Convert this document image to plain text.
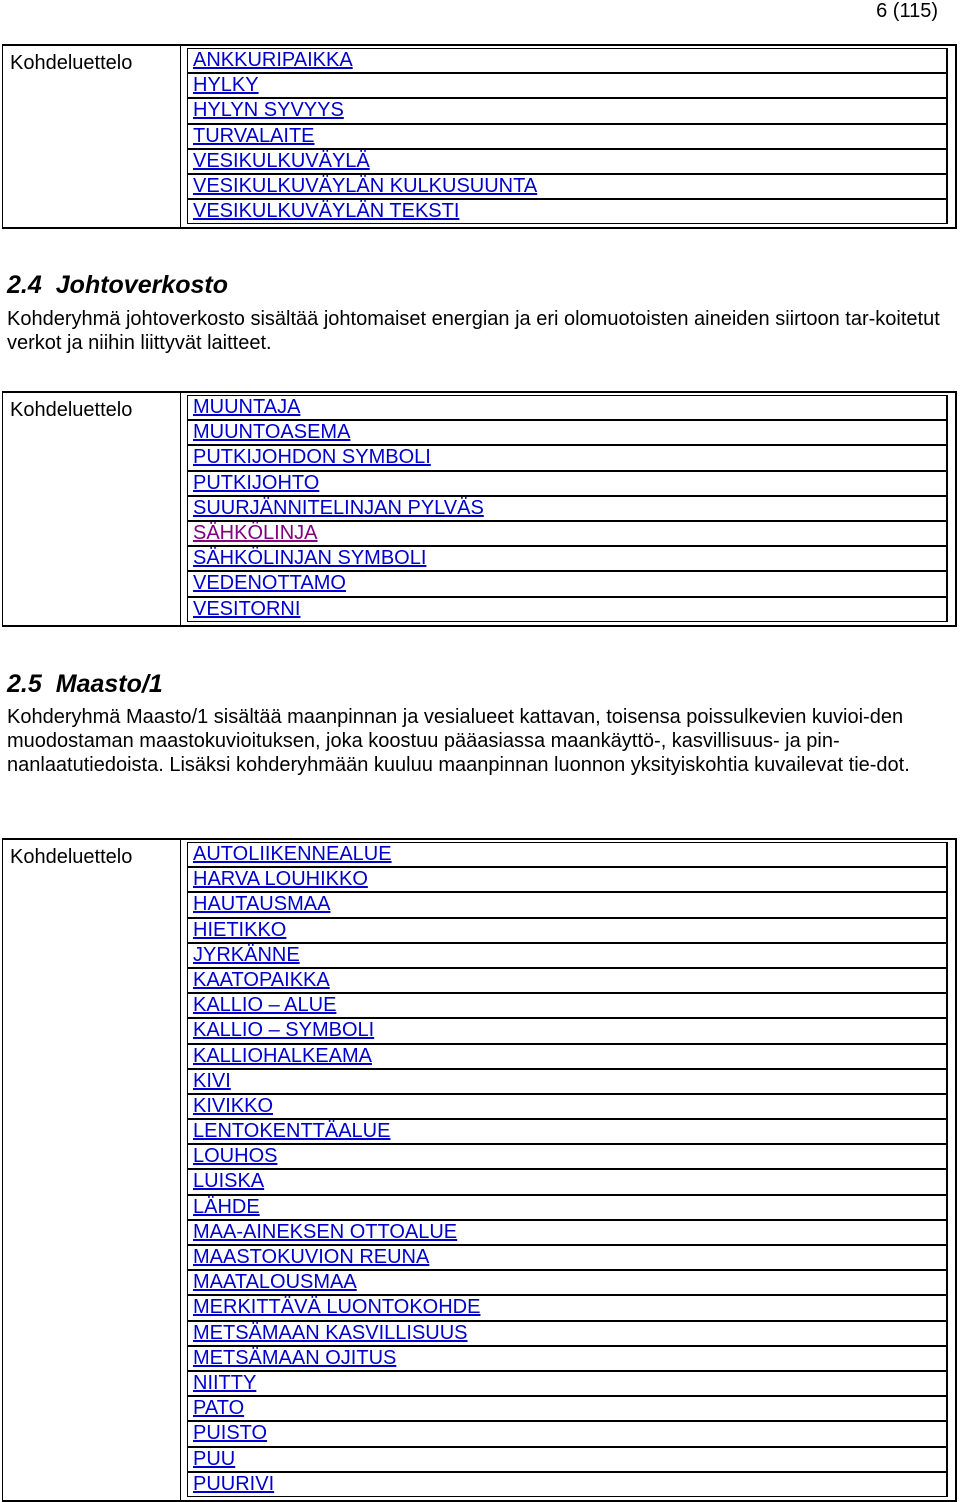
6 (115)
Kohdeluettelo	ANKKURIPAIKKA
HYLKY
HYLYN SYVYYS
TURVALAITE
VESIKULKUVÄYLÄ
VESIKULKUVÄYLÄN KULKUSUUNTA
VESIKULKUVÄYLÄN TEKSTI
2.4 Johtoverkosto

Kohderyhmä johtoverkosto sisältää johtomaiset energian ja eri olomuotoisten aineiden siirtoon tar-koitetut verkot ja niihin liittyvät laitteet.

Kohdeluettelo	MUUNTAJA
MUUNTOASEMA
PUTKIJOHDON SYMBOLI
PUTKIJOHTO
SUURJÄNNITELINJAN PYLVÄS
SÄHKÖLINJA
SÄHKÖLINJAN SYMBOLI
VEDENOTTAMO
VESITORNI
2.5 Maasto/1

Kohderyhmä Maasto/1 sisältää maanpinnan ja vesialueet kattavan, toisensa poissulkevien kuvioi-den muodostaman maastokuvioituksen, joka koostuu pääasiassa maankäyttö-, kasvillisuus- ja pin-nanlaatutiedoista. Lisäksi kohderyhmään kuuluu maanpinnan luonnon yksityiskohtia kuvailevat tie-dot.

Kohdeluettelo	AUTOLIIKENNEALUE
HARVA LOUHIKKO
HAUTAUSMAA
HIETIKKO
JYRKÄNNE
KAATOPAIKKA
KALLIO – ALUE
KALLIO – SYMBOLI
KALLIOHALKEAMA
KIVI
KIVIKKO
LENTOKENTTÄALUE
LOUHOS
LUISKA
LÄHDE
MAA-AINEKSEN OTTOALUE
MAASTOKUVION REUNA
MAATALOUSMAA
MERKITTÄVÄ LUONTOKOHDE
METSÄMAAN KASVILLISUUS
METSÄMAAN OJITUS
NIITTY
PATO
PUISTO
PUU
PUURIVI
